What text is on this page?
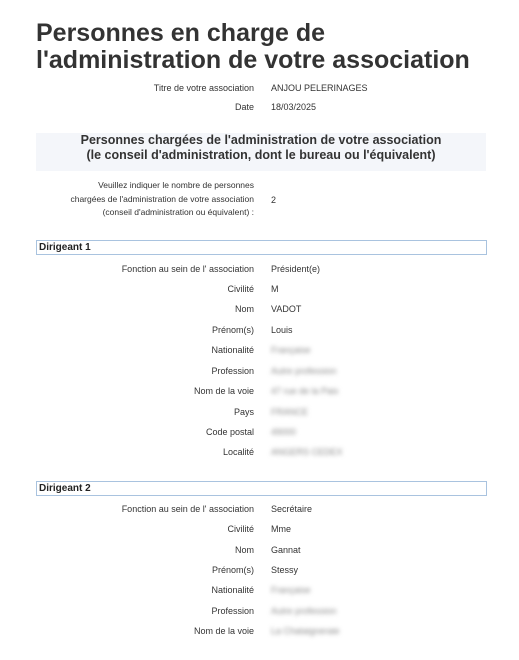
Personnes en charge de l'administration de votre association
Titre de votre association ANJOU PELERINAGES
Date 18/03/2025
Personnes chargées de l'administration de votre association
(le conseil d'administration, dont le bureau ou l'équivalent)
Veuillez indiquer le nombre de personnes
chargées de l'administration de votre association
(conseil d'administration ou équivalent) :
2
Dirigeant 1
Fonction au sein de l' association Président(e)
Civilité M
Nom VADOT
Prénom(s) Louis
Nationalité Française
Profession Autre profession
Nom de la voie 47 rue de la Paix
Pays FRANCE
Code postal 49000
Localité ANGERS CEDEX
Dirigeant 2
Fonction au sein de l' association Secrétaire
Civilité Mme
Nom Gannat
Prénom(s) Stessy
Nationalité Française
Profession Autre profession
Nom de la voie La Chataigneraie
